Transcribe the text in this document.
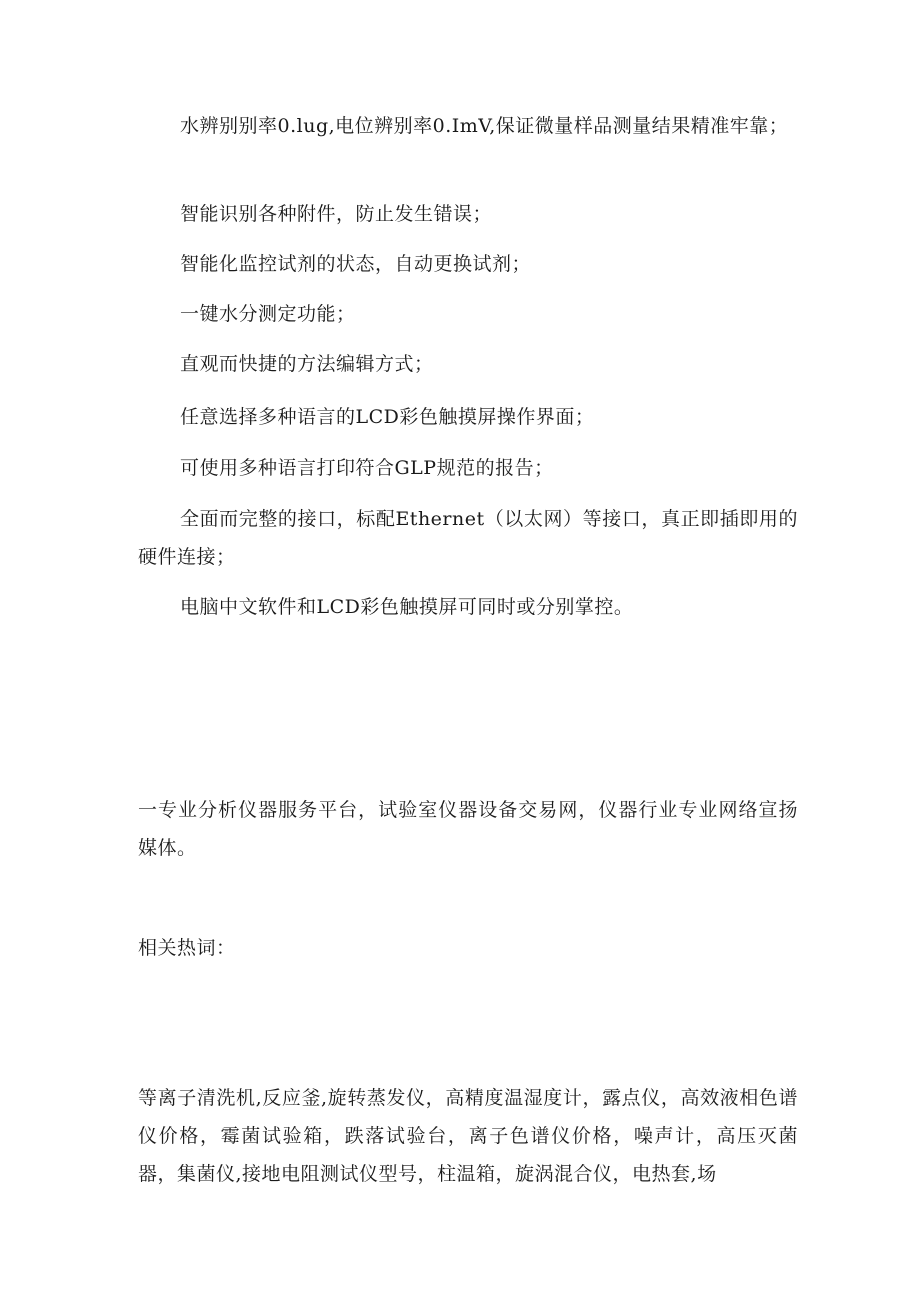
水辨别别率0.lug,电位辨别率0.ImV,保证微量样品测量结果精准牢靠；

智能识别各种附件，防止发生错误；

智能化监控试剂的状态，自动更换试剂；

一键水分测定功能；

直观而快捷的方法编辑方式；

任意选择多种语言的LCD彩色触摸屏操作界面；

可使用多种语言打印符合GLP规范的报告；

全面而完整的接口，标配Ethernet（以太网）等接口，真正即插即用的硬件连接；

电脑中文软件和LCD彩色触摸屏可同时或分别掌控。

一专业分析仪器服务平台，试验室仪器设备交易网，仪器行业专业网络宣扬媒体。

相关热词：

等离子清洗机,反应釜,旋转蒸发仪，高精度温湿度计，露点仪，高效液相色谱仪价格，霉菌试验箱，跌落试验台，离子色谱仪价格，噪声计，高压灭菌器，集菌仪,接地电阻测试仪型号，柱温箱，旋涡混合仪，电热套,场
